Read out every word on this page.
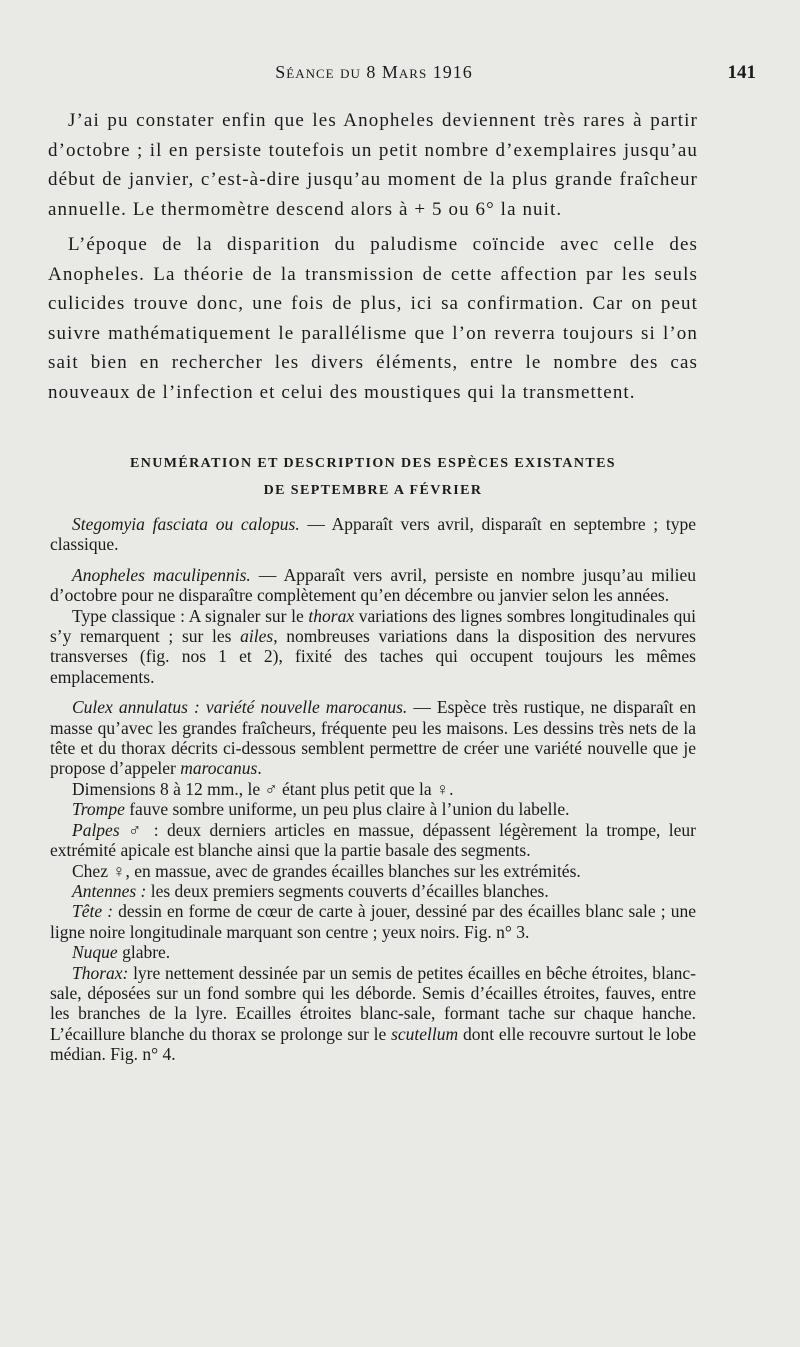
Séance du 8 Mars 1916	141

J’ai pu constater enfin que les Anopheles deviennent très rares à partir d’octobre ; il en persiste toutefois un petit nombre d’exemplaires jusqu’au début de janvier, c’est-à-dire jusqu’au moment de la plus grande fraîcheur annuelle. Le thermomètre descend alors à + 5 ou 6° la nuit.

L’époque de la disparition du paludisme coïncide avec celle des Anopheles. La théorie de la transmission de cette affection par les seuls culicides trouve donc, une fois de plus, ici sa confirmation. Car on peut suivre mathématiquement le parallélisme que l’on reverra toujours si l’on sait bien en rechercher les divers éléments, entre le nombre des cas nouveaux de l’infection et celui des moustiques qui la transmettent.

ENUMÉRATION ET DESCRIPTION DES ESPÈCES EXISTANTES
DE SEPTEMBRE A FÉVRIER

Stegomyia fasciata ou calopus. — Apparaît vers avril, disparaît en septembre ; type classique.

Anopheles maculipennis. — Apparaît vers avril, persiste en nombre jusqu’au milieu d’octobre pour ne disparaître complètement qu’en décembre ou janvier selon les années.

Type classique : A signaler sur le thorax variations des lignes sombres longitudinales qui s’y remarquent ; sur les ailes, nombreuses variations dans la disposition des nervures transverses (fig. nos 1 et 2), fixité des taches qui occupent toujours les mêmes emplacements.

Culex annulatus : variété nouvelle marocanus. — Espèce très rustique, ne disparaît en masse qu’avec les grandes fraîcheurs, fréquente peu les maisons. Les dessins très nets de la tête et du thorax décrits ci-dessous semblent permettre de créer une variété nouvelle que je propose d’appeler marocanus.

Dimensions 8 à 12 mm., le ♂ étant plus petit que la ♀.

Trompe fauve sombre uniforme, un peu plus claire à l’union du labelle.

Palpes ♂ : deux derniers articles en massue, dépassent légèrement la trompe, leur extrémité apicale est blanche ainsi que la partie basale des segments.

Chez ♀, en massue, avec de grandes écailles blanches sur les extrémités.

Antennes : les deux premiers segments couverts d’écailles blanches.

Tête : dessin en forme de cœur de carte à jouer, dessiné par des écailles blanc sale ; une ligne noire longitudinale marquant son centre ; yeux noirs. Fig. n° 3.

Nuque glabre.

Thorax: lyre nettement dessinée par un semis de petites écailles en bêche étroites, blanc-sale, déposées sur un fond sombre qui les déborde. Semis d’écailles étroites, fauves, entre les branches de la lyre. Ecailles étroites blanc-sale, formant tache sur chaque hanche. L’écaillure blanche du thorax se prolonge sur le scutellum dont elle recouvre surtout le lobe médian. Fig. n° 4.
